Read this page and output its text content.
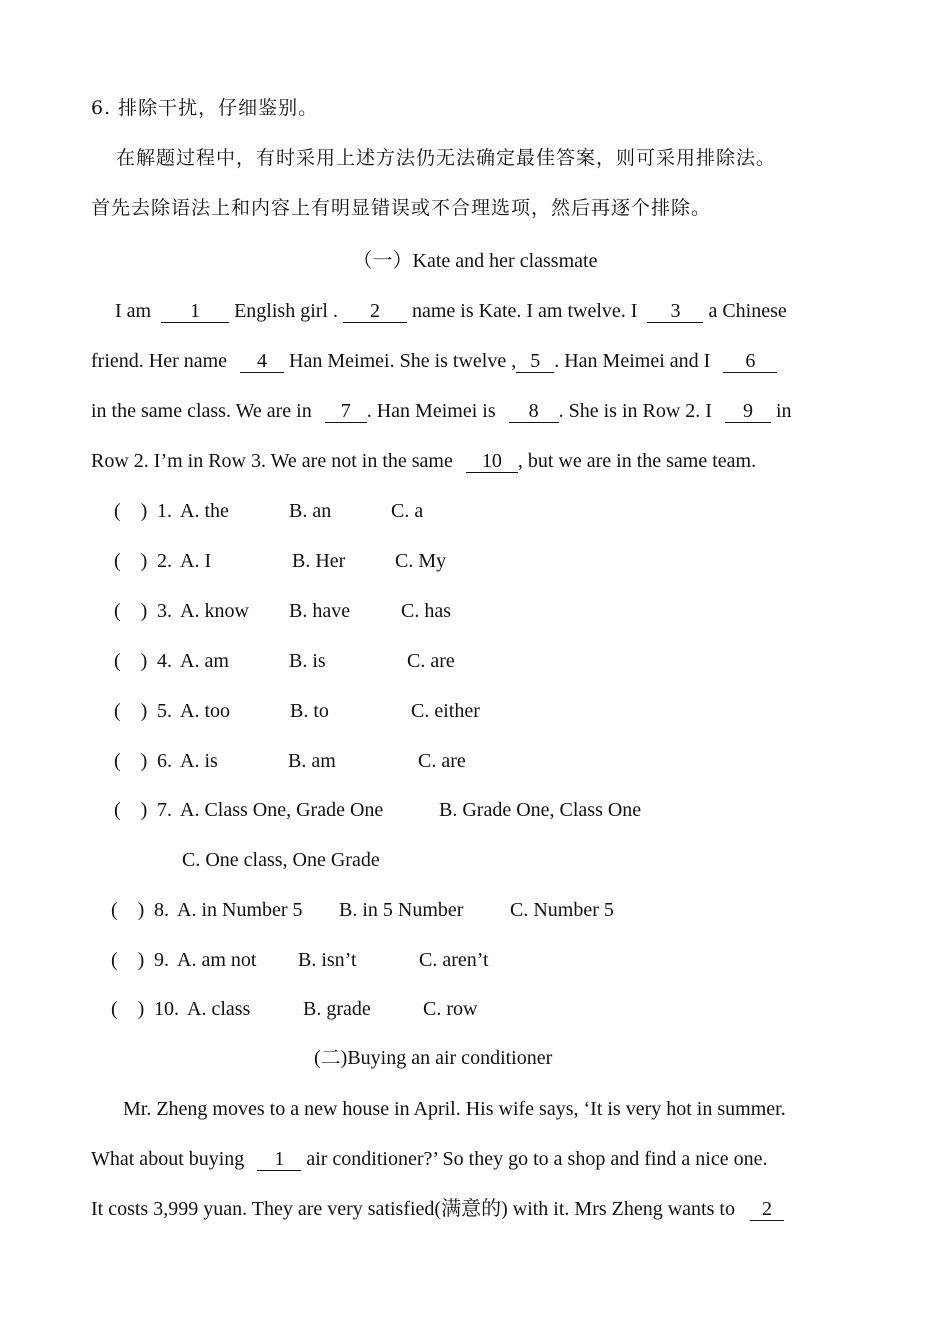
6. 排除干扰，仔细鉴别。
在解题过程中，有时采用上述方法仍无法确定最佳答案，则可采用排除法。
首先去除语法上和内容上有明显错误或不合理选项，然后再逐个排除。
（一）Kate and her classmate
I am  1 English girl . 2 name is Kate. I am twelve. I  3 a Chinese
friend. Her name 4 Han Meimei. She is twelve , 5 . Han Meimei and I 6
in the same class. We are in 7 . Han Meimei is 8 . She is in Row 2. I 9 in
Row 2. I’m in Row 3. We are not in the same 10 , but we are in the same team.
(    ) 1. A. the	B. an	C. a
(    ) 2. A. I	B. Her C. My
(    ) 3. A. know B. have	C. has
(    ) 4. A. am	B. is	C. are
(    ) 5. A. too	B. to	C. either
(    ) 6. A. is	B. am	C. are
(    ) 7. A. Class One, Grade One	B. Grade One, Class One
C. One class, One Grade
(    ) 8. A. in Number 5 B. in 5 Number C. Number 5
(    ) 9. A. am not B. isn’t	C. aren’t
(    ) 10. A. class	B. grade	C. row
(二)Buying an air conditioner
Mr. Zheng moves to a new house in April. His wife says, ‘It is very hot in summer.
What about buying 1 air conditioner?’ So they go to a shop and find a nice one.
It costs 3,999 yuan. They are very satisfied(满意的) with it. Mrs Zheng wants to 2
